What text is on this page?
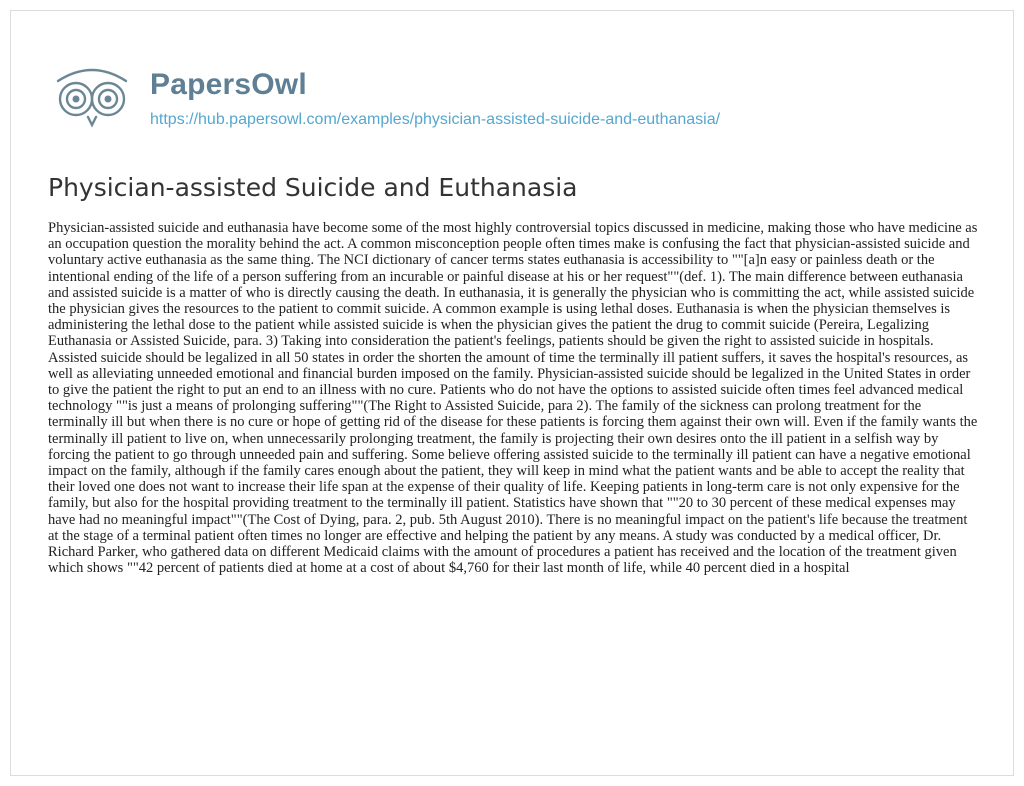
PapersOwl
https://hub.papersowl.com/examples/physician-assisted-suicide-and-euthanasia/
Physician-assisted Suicide and Euthanasia

Physician-assisted suicide and euthanasia have become some of the most highly controversial topics discussed in medicine, making those who have medicine as an occupation question the morality behind the act. A common misconception people often times make is confusing the fact that physician-assisted suicide and voluntary active euthanasia as the same thing. The NCI dictionary of cancer terms states euthanasia is accessibility to ""[a]n easy or painless death or the intentional ending of the life of a person suffering from an incurable or painful disease at his or her request""(def. 1). The main difference between euthanasia and assisted suicide is a matter of who is directly causing the death. In euthanasia, it is generally the physician who is committing the act, while assisted suicide the physician gives the resources to the patient to commit suicide. A common example is using lethal doses. Euthanasia is when the physician themselves is administering the lethal dose to the patient while assisted suicide is when the physician gives the patient the drug to commit suicide (Pereira, Legalizing Euthanasia or Assisted Suicide, para. 3) Taking into consideration the patient's feelings, patients should be given the right to assisted suicide in hospitals. Assisted suicide should be legalized in all 50 states in order the shorten the amount of time the terminally ill patient suffers, it saves the hospital's resources, as well as alleviating unneeded emotional and financial burden imposed on the family. Physician-assisted suicide should be legalized in the United States in order to give the patient the right to put an end to an illness with no cure. Patients who do not have the options to assisted suicide often times feel advanced medical technology ""is just a means of prolonging suffering""(The Right to Assisted Suicide, para 2). The family of the sickness can prolong treatment for the terminally ill but when there is no cure or hope of getting rid of the disease for these patients is forcing them against their own will. Even if the family wants the terminally ill patient to live on, when unnecessarily prolonging treatment, the family is projecting their own desires onto the ill patient in a selfish way by forcing the patient to go through unneeded pain and suffering. Some believe offering assisted suicide to the terminally ill patient can have a negative emotional impact on the family, although if the family cares enough about the patient, they will keep in mind what the patient wants and be able to accept the reality that their loved one does not want to increase their life span at the expense of their quality of life. Keeping patients in long-term care is not only expensive for the family, but also for the hospital providing treatment to the terminally ill patient. Statistics have shown that ""20 to 30 percent of these medical expenses may have had no meaningful impact""(The Cost of Dying, para. 2, pub. 5th August 2010). There is no meaningful impact on the patient's life because the treatment at the stage of a terminal patient often times no longer are effective and helping the patient by any means. A study was conducted by a medical officer, Dr. Richard Parker, who gathered data on different Medicaid claims with the amount of procedures a patient has received and the location of the treatment given which shows ""42 percent of patients died at home at a cost of about $4,760 for their last month of life, while 40 percent died in a hospital
